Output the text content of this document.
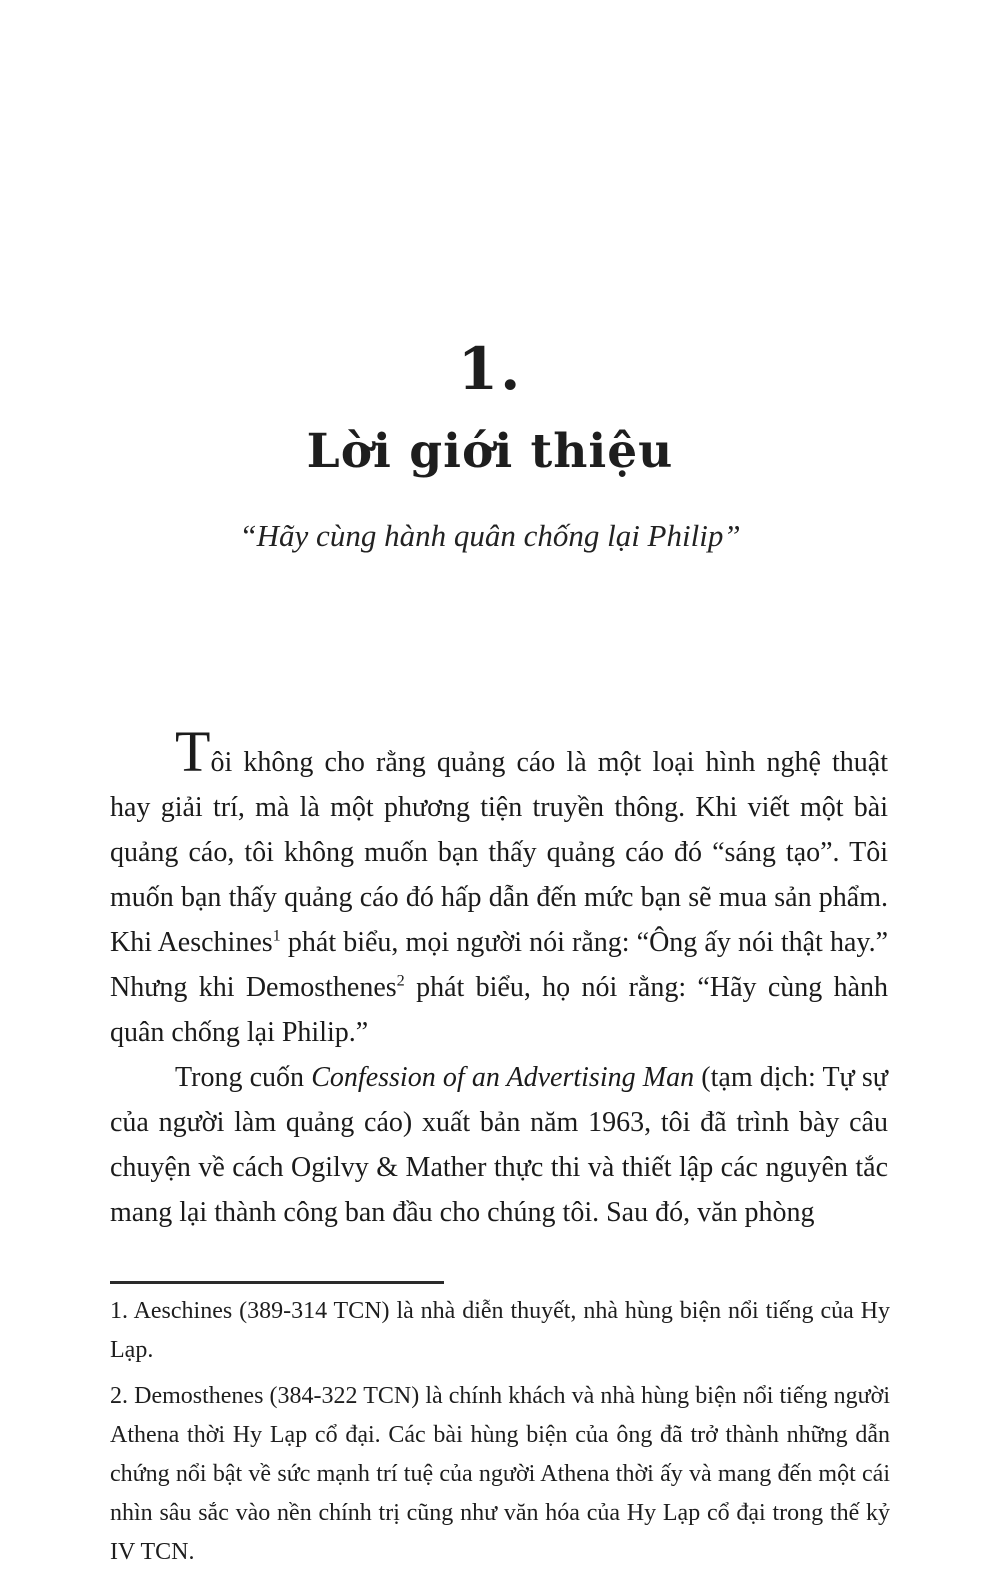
1.
Lời giới thiệu
“Hãy cùng hành quân chống lại Philip”

Tôi không cho rằng quảng cáo là một loại hình nghệ thuật hay giải trí, mà là một phương tiện truyền thông. Khi viết một bài quảng cáo, tôi không muốn bạn thấy quảng cáo đó “sáng tạo”. Tôi muốn bạn thấy quảng cáo đó hấp dẫn đến mức bạn sẽ mua sản phẩm. Khi Aeschines$^1$ phát biểu, mọi người nói rằng: “Ông ấy nói thật hay.” Nhưng khi Demosthenes$^2$ phát biểu, họ nói rằng: “Hãy cùng hành quân chống lại Philip.”

Trong cuốn Confession of an Advertising Man (tạm dịch: Tự sự của người làm quảng cáo) xuất bản năm 1963, tôi đã trình bày câu chuyện về cách Ogilvy & Mather thực thi và thiết lập các nguyên tắc mang lại thành công ban đầu cho chúng tôi. Sau đó, văn phòng

1. Aeschines (389-314 TCN) là nhà diễn thuyết, nhà hùng biện nổi tiếng của Hy Lạp.

2. Demosthenes (384-322 TCN) là chính khách và nhà hùng biện nổi tiếng người Athena thời Hy Lạp cổ đại. Các bài hùng biện của ông đã trở thành những dẫn chứng nổi bật về sức mạnh trí tuệ của người Athena thời ấy và mang đến một cái nhìn sâu sắc vào nền chính trị cũng như văn hóa của Hy Lạp cổ đại trong thế kỷ IV TCN.
